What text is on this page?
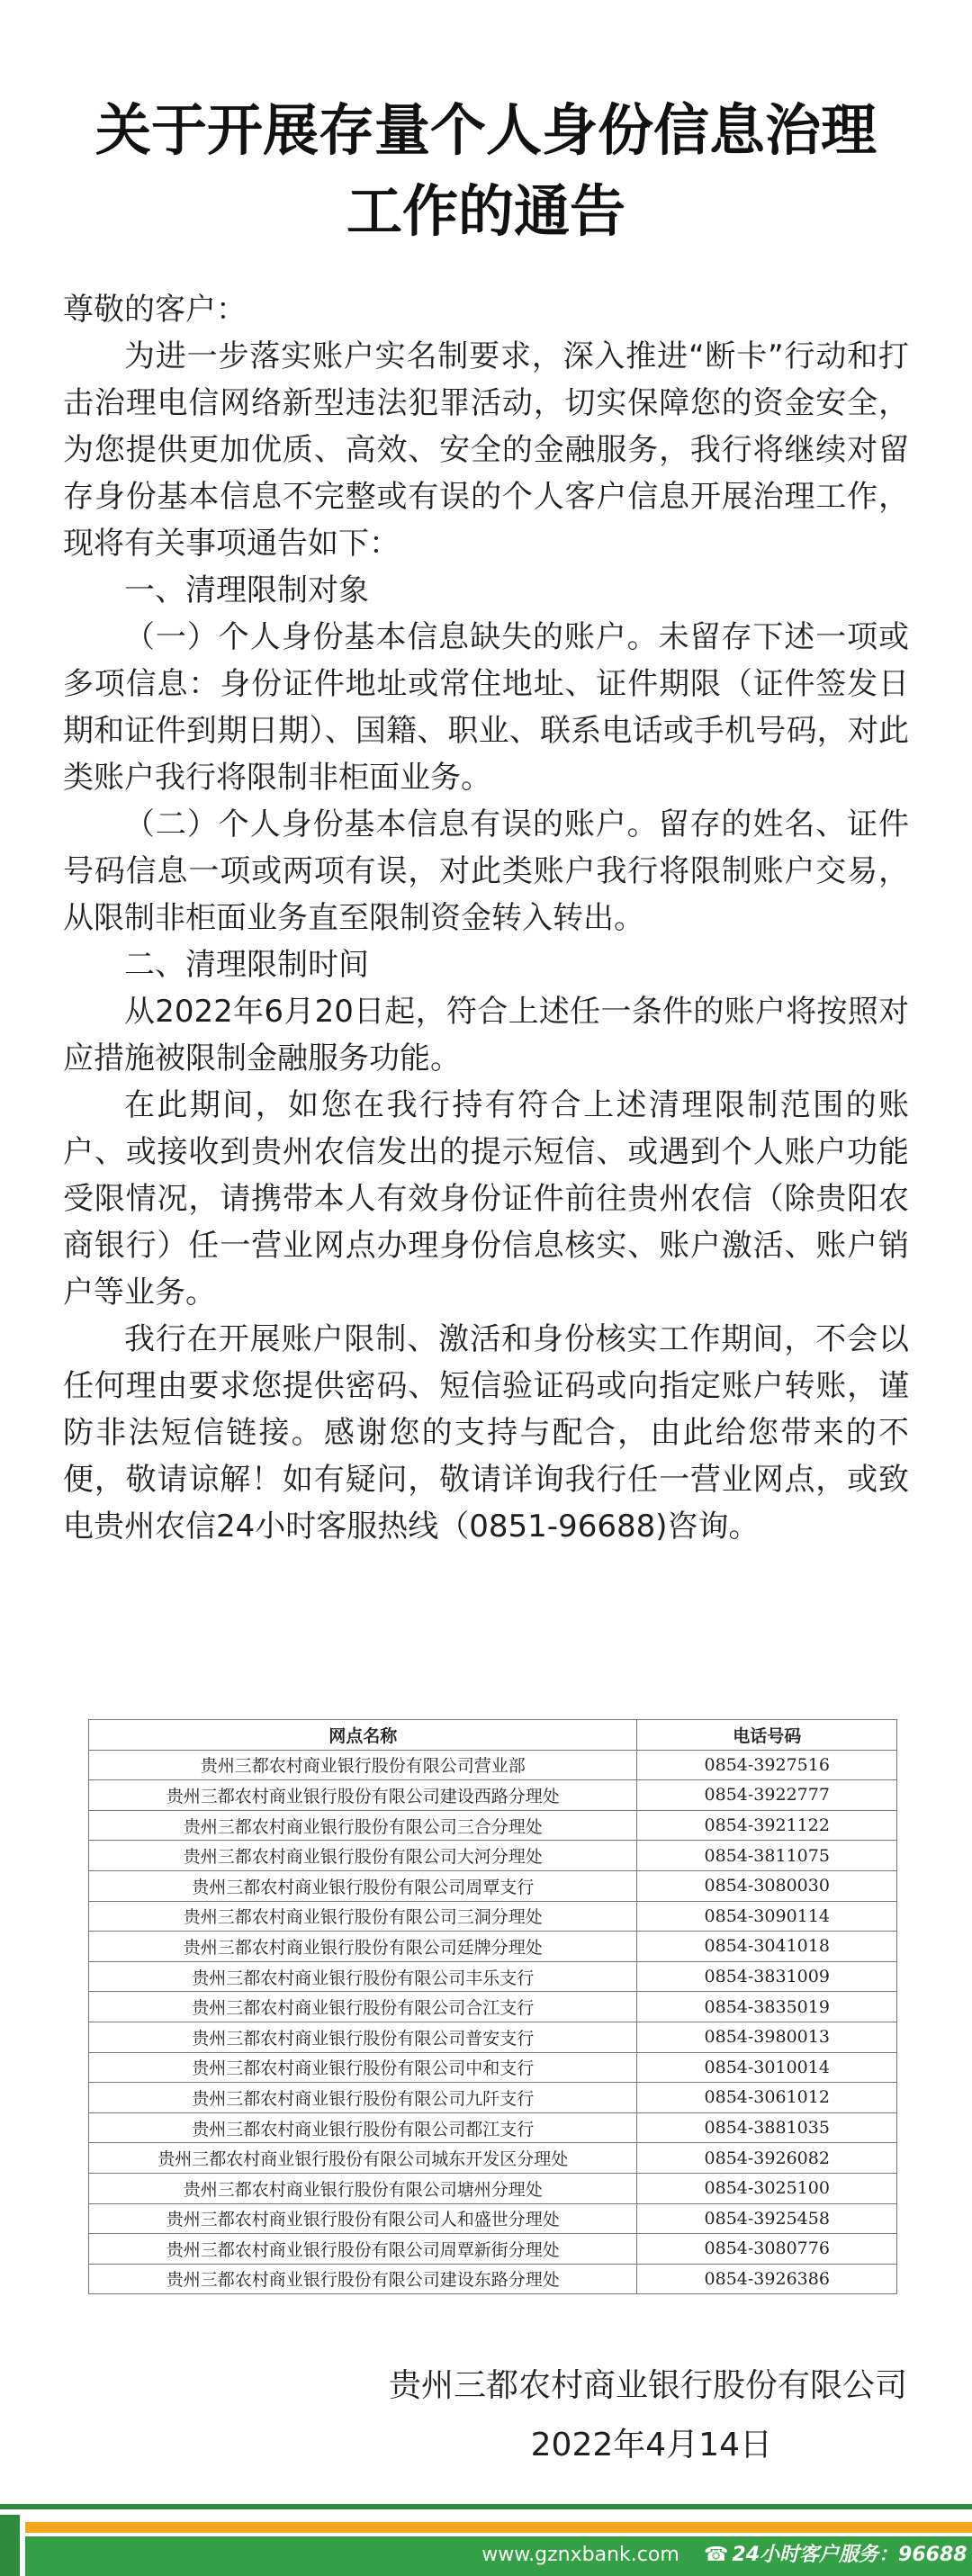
关于开展存量个人身份信息治理
工作的通告

尊敬的客户：

为进一步落实账户实名制要求，深入推进“断卡”行动和打击治理电信网络新型违法犯罪活动，切实保障您的资金安全，为您提供更加优质、高效、安全的金融服务，我行将继续对留存身份基本信息不完整或有误的个人客户信息开展治理工作，现将有关事项通告如下：

一、清理限制对象

（一）个人身份基本信息缺失的账户。未留存下述一项或多项信息：身份证件地址或常住地址、证件期限（证件签发日期和证件到期日期）、国籍、职业、联系电话或手机号码，对此类账户我行将限制非柜面业务。

（二）个人身份基本信息有误的账户。留存的姓名、证件号码信息一项或两项有误，对此类账户我行将限制账户交易，从限制非柜面业务直至限制资金转入转出。

二、清理限制时间

从2022年6月20日起，符合上述任一条件的账户将按照对应措施被限制金融服务功能。

在此期间，如您在我行持有符合上述清理限制范围的账户、或接收到贵州农信发出的提示短信、或遇到个人账户功能受限情况，请携带本人有效身份证件前往贵州农信（除贵阳农商银行）任一营业网点办理身份信息核实、账户激活、账户销户等业务。

我行在开展账户限制、激活和身份核实工作期间，不会以任何理由要求您提供密码、短信验证码或向指定账户转账，谨防非法短信链接。感谢您的支持与配合，由此给您带来的不便，敬请谅解！如有疑问，敬请详询我行任一营业网点，或致电贵州农信24小时客服热线（0851-96688)咨询。

网点名称	电话号码
贵州三都农村商业银行股份有限公司营业部	0854-3927516
贵州三都农村商业银行股份有限公司建设西路分理处	0854-3922777
贵州三都农村商业银行股份有限公司三合分理处	0854-3921122
贵州三都农村商业银行股份有限公司大河分理处	0854-3811075
贵州三都农村商业银行股份有限公司周覃支行	0854-3080030
贵州三都农村商业银行股份有限公司三洞分理处	0854-3090114
贵州三都农村商业银行股份有限公司廷牌分理处	0854-3041018
贵州三都农村商业银行股份有限公司丰乐支行	0854-3831009
贵州三都农村商业银行股份有限公司合江支行	0854-3835019
贵州三都农村商业银行股份有限公司普安支行	0854-3980013
贵州三都农村商业银行股份有限公司中和支行	0854-3010014
贵州三都农村商业银行股份有限公司九阡支行	0854-3061012
贵州三都农村商业银行股份有限公司都江支行	0854-3881035
贵州三都农村商业银行股份有限公司城东开发区分理处	0854-3926082
贵州三都农村商业银行股份有限公司塘州分理处	0854-3025100
贵州三都农村商业银行股份有限公司人和盛世分理处	0854-3925458
贵州三都农村商业银行股份有限公司周覃新街分理处	0854-3080776
贵州三都农村商业银行股份有限公司建设东路分理处	0854-3926386
贵州三都农村商业银行股份有限公司
2022年4月14日
www.gznxbank.com	☎ 24小时客户服务：96688
